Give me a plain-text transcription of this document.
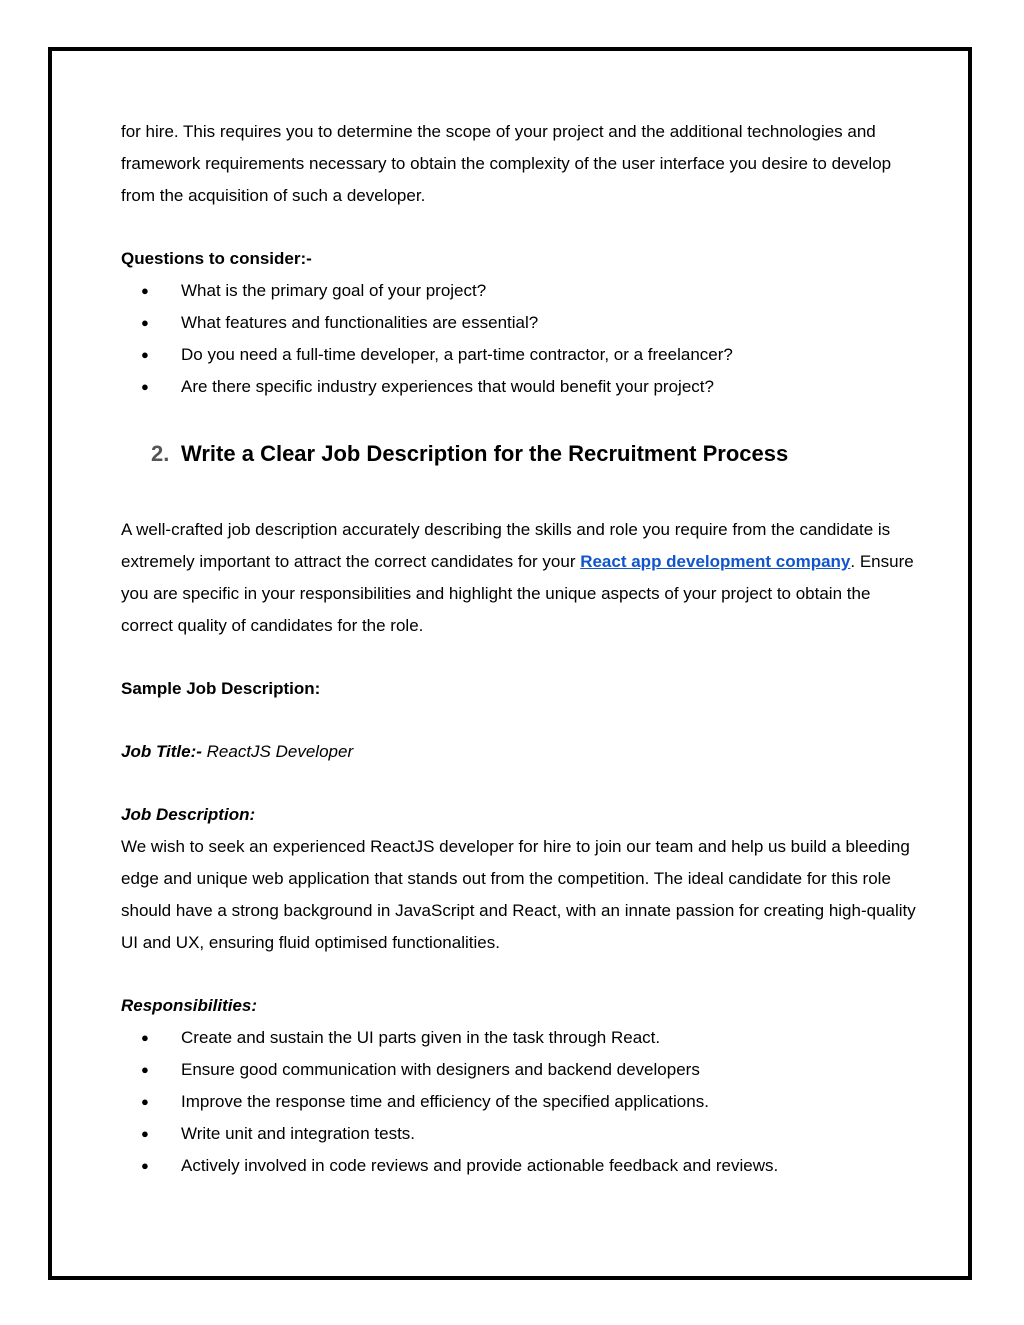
for hire. This requires you to determine the scope of your project and the additional technologies and framework requirements necessary to obtain the complexity of the user interface you desire to develop from the acquisition of such a developer.

Questions to consider:-

● What is the primary goal of your project?
● What features and functionalities are essential?
● Do you need a full-time developer, a part-time contractor, or a freelancer?
● Are there specific industry experiences that would benefit your project?
2. Write a Clear Job Description for the Recruitment Process

A well-crafted job description accurately describing the skills and role you require from the candidate is extremely important to attract the correct candidates for your React app development company. Ensure you are specific in your responsibilities and highlight the unique aspects of your project to obtain the correct quality of candidates for the role.

Sample Job Description:

Job Title:- ReactJS Developer

Job Description:

We wish to seek an experienced ReactJS developer for hire to join our team and help us build a bleeding edge and unique web application that stands out from the competition. The ideal candidate for this role should have a strong background in JavaScript and React, with an innate passion for creating high-quality UI and UX, ensuring fluid optimised functionalities.

Responsibilities:

● Create and sustain the UI parts given in the task through React.
● Ensure good communication with designers and backend developers
● Improve the response time and efficiency of the specified applications.
● Write unit and integration tests.
● Actively involved in code reviews and provide actionable feedback and reviews.
